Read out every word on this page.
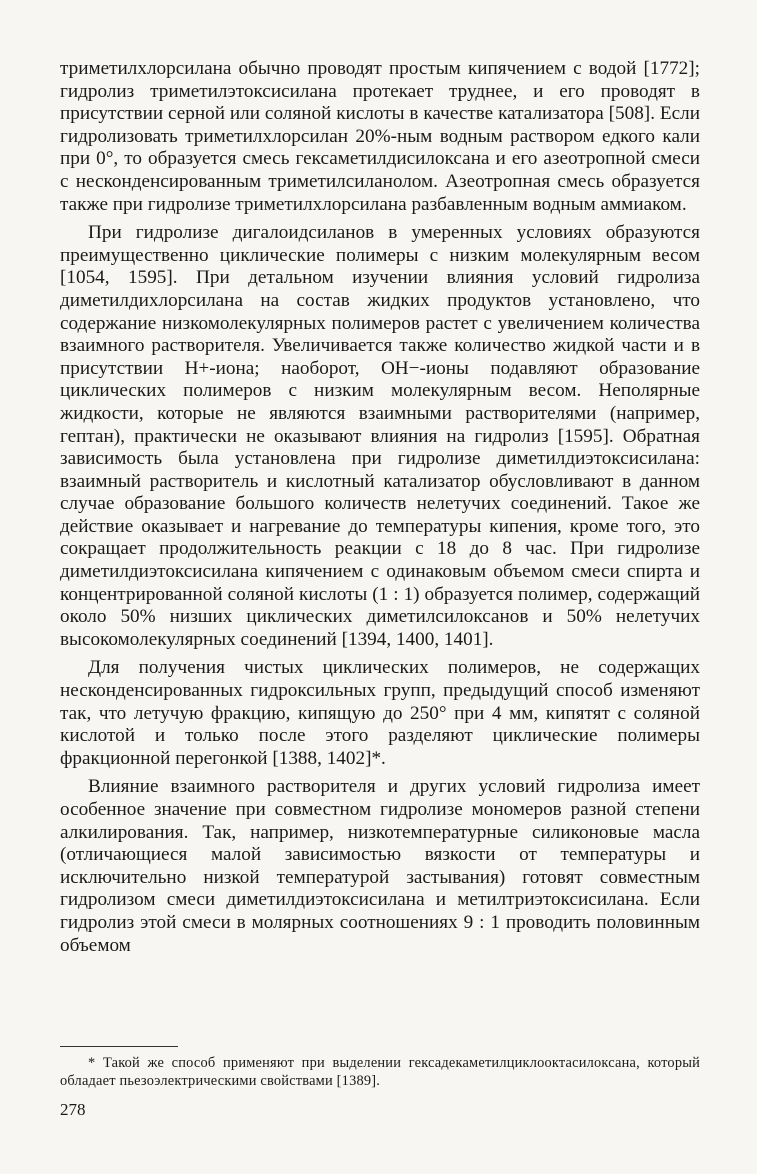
триметилхлорсилана обычно проводят простым кипячением с водой [1772]; гидролиз триметилэтоксисилана протекает труднее, и его проводят в присутствии серной или соляной кислоты в качестве катализатора [508]. Если гидролизовать триметилхлорсилан 20%-ным водным раствором едкого кали при 0°, то образуется смесь гексаметилдисилоксана и его азеотропной смеси с несконденсированным триметилсиланолом. Азеотропная смесь образуется также при гидролизе триметилхлорсилана разбавленным водным аммиаком.

При гидролизе дигалоидсиланов в умеренных условиях образуются преимущественно циклические полимеры с низким молекулярным весом [1054, 1595]. При детальном изучении влияния условий гидролиза диметилдихлорсилана на состав жидких продуктов установлено, что содержание низкомолекулярных полимеров растет с увеличением количества взаимного растворителя. Увеличивается также количество жидкой части и в присутствии H+-иона; наоборот, OH−-ионы подавляют образование циклических полимеров с низким молекулярным весом. Неполярные жидкости, которые не являются взаимными растворителями (например, гептан), практически не оказывают влияния на гидролиз [1595]. Обратная зависимость была установлена при гидролизе диметилдиэтоксисилана: взаимный растворитель и кислотный катализатор обусловливают в данном случае образование большого количеств нелетучих соединений. Такое же действие оказывает и нагревание до температуры кипения, кроме того, это сокращает продолжительность реакции с 18 до 8 час. При гидролизе диметилдиэтоксисилана кипячением с одинаковым объемом смеси спирта и концентрированной соляной кислоты (1 : 1) образуется полимер, содержащий около 50% низших циклических диметилсилоксанов и 50% нелетучих высокомолекулярных соединений [1394, 1400, 1401].

Для получения чистых циклических полимеров, не содержащих несконденсированных гидроксильных групп, предыдущий способ изменяют так, что летучую фракцию, кипящую до 250° при 4 мм, кипятят с соляной кислотой и только после этого разделяют циклические полимеры фракционной перегонкой [1388, 1402]*.

Влияние взаимного растворителя и других условий гидролиза имеет особенное значение при совместном гидролизе мономеров разной степени алкилирования. Так, например, низкотемпературные силиконовые масла (отличающиеся малой зависимостью вязкости от температуры и исключительно низкой температурой застывания) готовят совместным гидролизом смеси диметилдиэтоксисилана и метилтриэтоксисилана. Если гидролиз этой смеси в молярных соотношениях 9 : 1 проводить половинным объемом

* Такой же способ применяют при выделении гексадекаметилциклооктасилоксана, который обладает пьезоэлектрическими свойствами [1389].

278
